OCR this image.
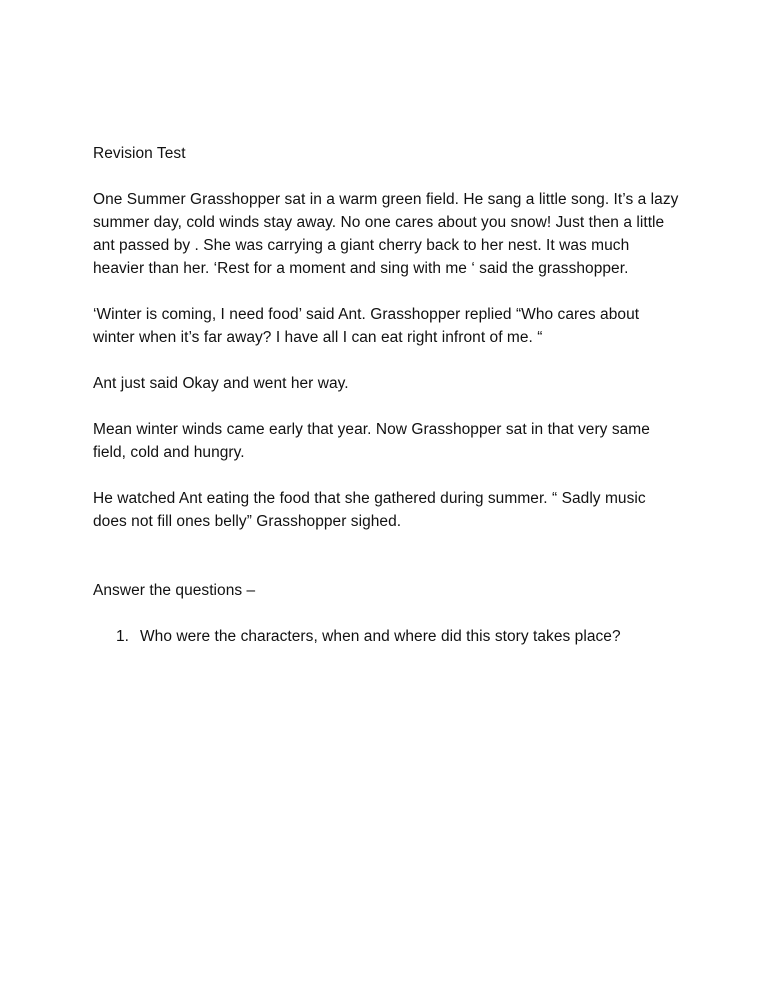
Revision Test

One Summer Grasshopper sat in a warm green field. He sang a little song. It’s a lazy summer day, cold winds stay away. No one cares about you snow! Just then a little ant passed by . She was carrying a giant cherry back to her nest. It was much heavier than her. ‘Rest for a moment and sing with me ‘ said the grasshopper.

‘Winter is coming, I need food’ said Ant. Grasshopper replied “Who cares about winter when it’s far away? I have all I can eat right infront of me. “

Ant just said Okay and went her way.

Mean winter winds came early that year. Now Grasshopper sat in that very same field, cold and hungry.

He watched Ant eating the food that she gathered during summer. “ Sadly music does not fill ones belly” Grasshopper sighed.

Answer the questions –

1. Who were the characters, when and where did this story takes place?
